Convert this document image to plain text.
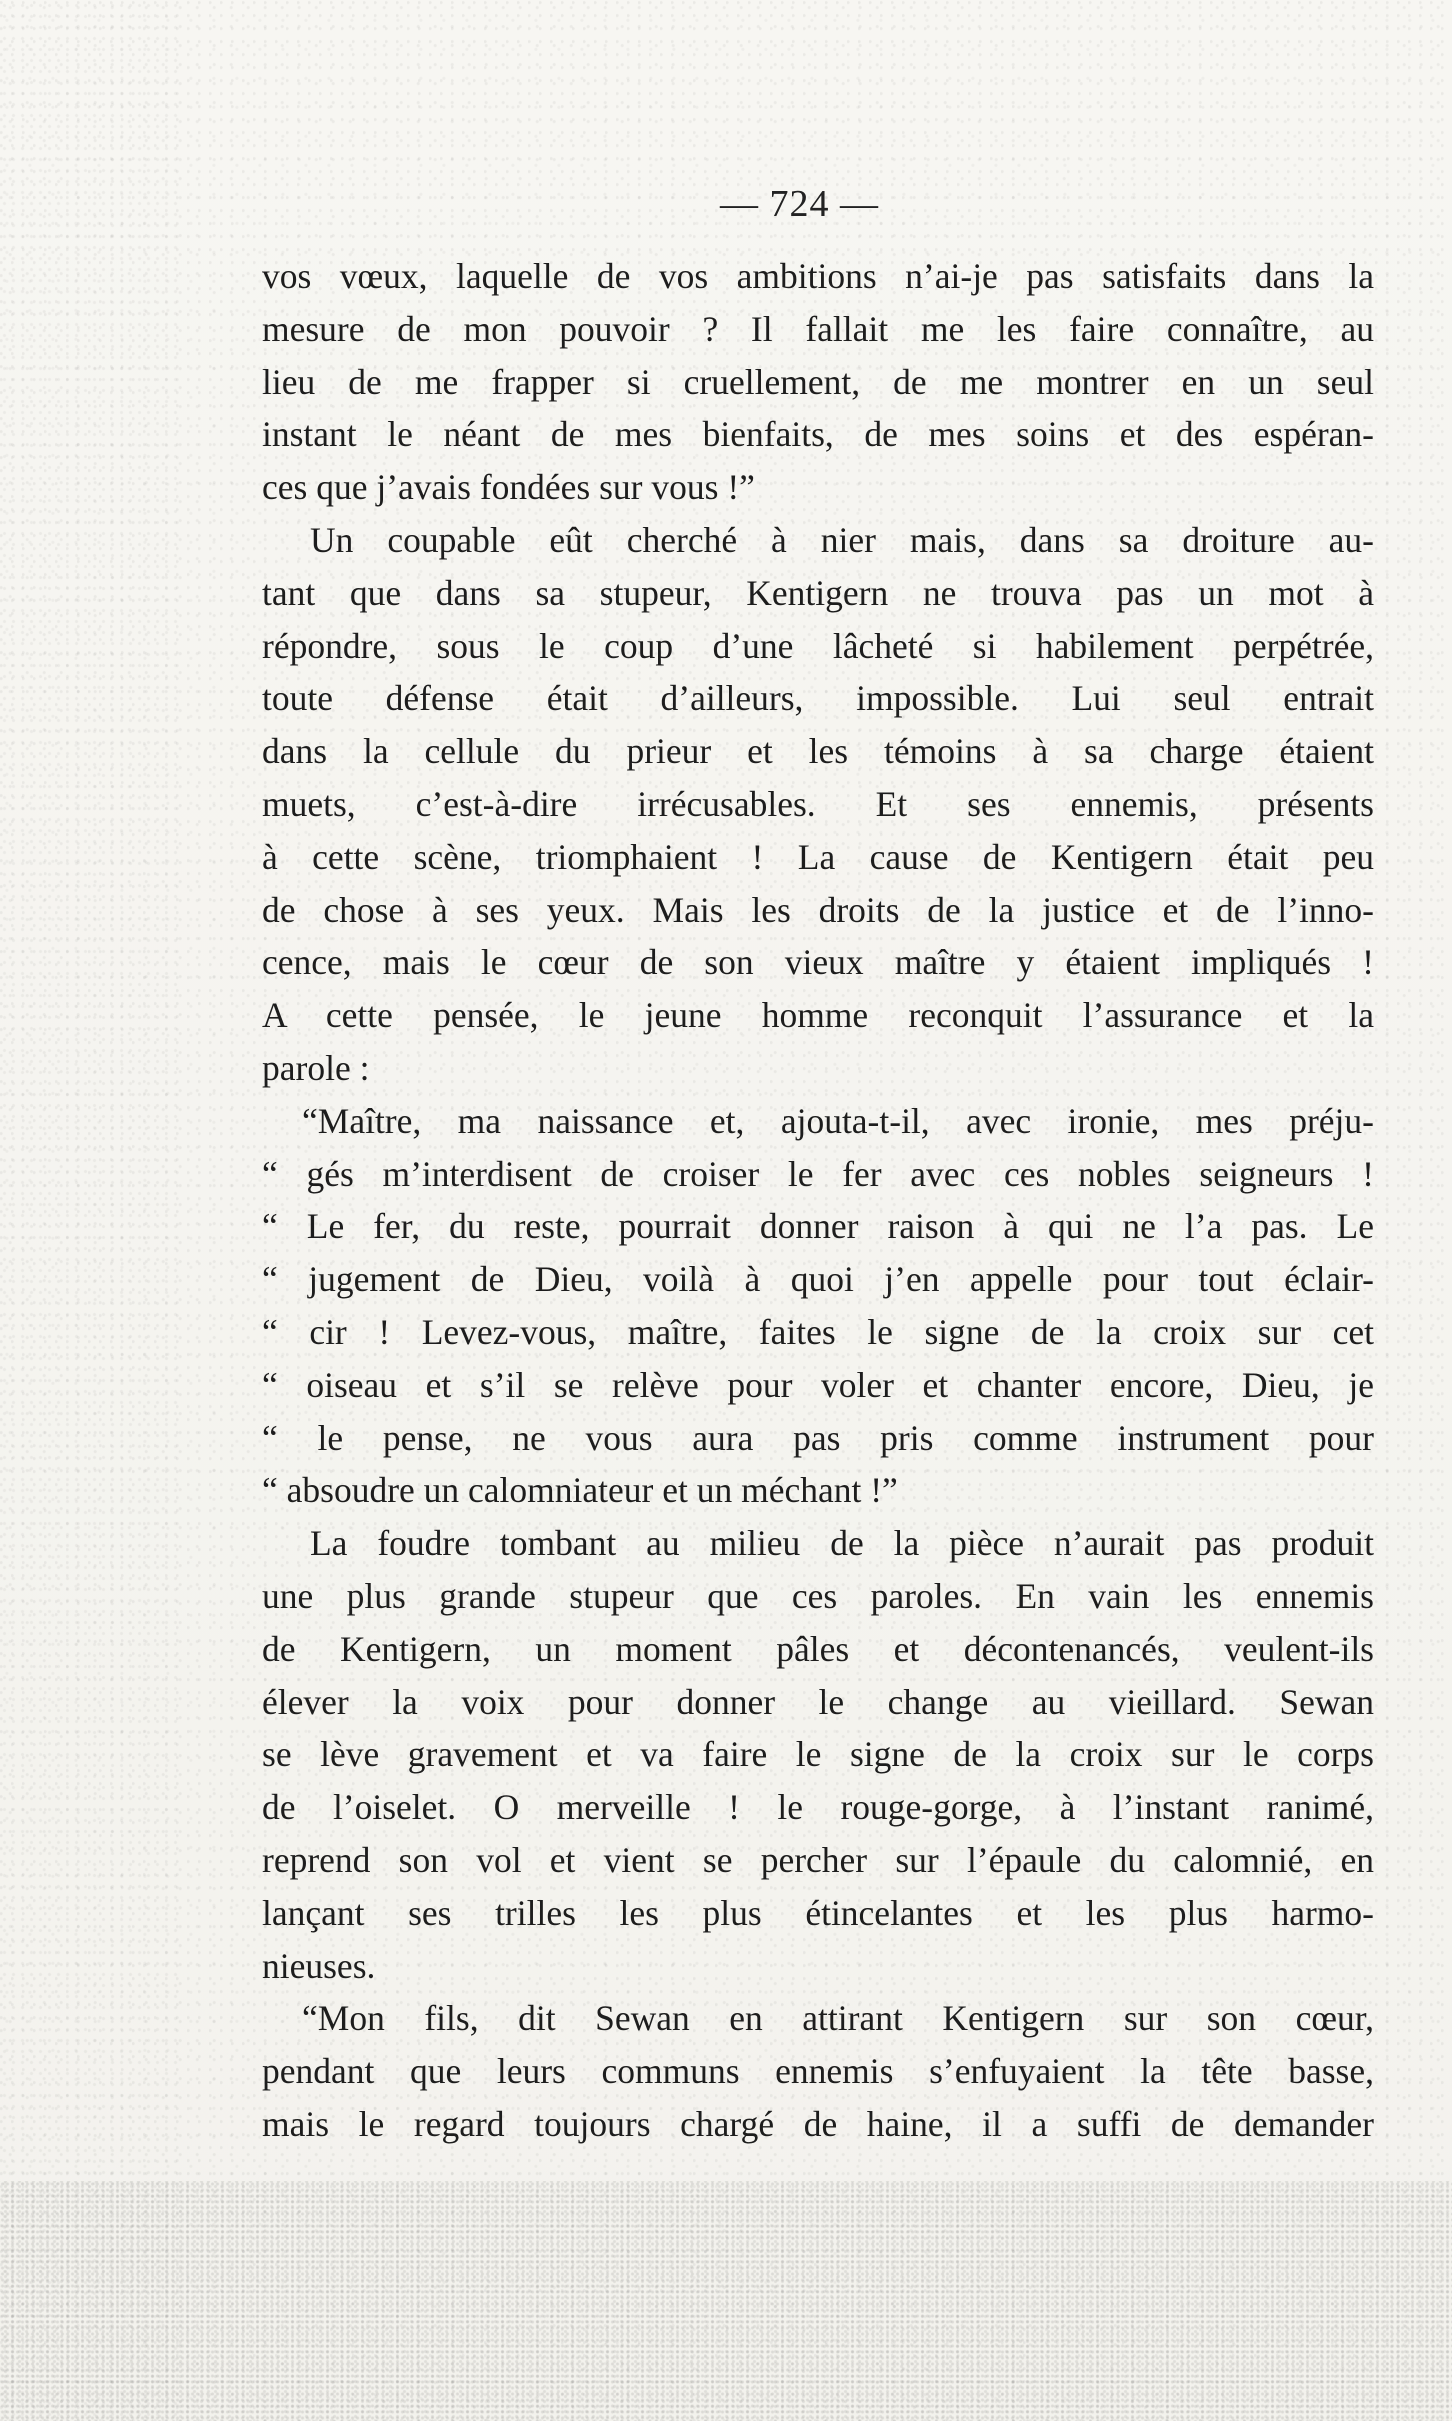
— 724 —
vos vœux, laquelle de vos ambitions n’ai-je pas satisfaits dans la
mesure de mon pouvoir ? Il fallait me les faire connaître, au
lieu de me frapper si cruellement, de me montrer en un seul
instant le néant de mes bienfaits, de mes soins et des espéran-
ces que j’avais fondées sur vous !”
Un coupable eût cherché à nier mais, dans sa droiture au-
tant que dans sa stupeur, Kentigern ne trouva pas un mot à
répondre, sous le coup d’une lâcheté si habilement perpétrée,
toute défense était d’ailleurs, impossible. Lui seul entrait
dans la cellule du prieur et les témoins à sa charge étaient
muets, c’est-à-dire irrécusables. Et ses ennemis, présents
à cette scène, triomphaient ! La cause de Kentigern était peu
de chose à ses yeux. Mais les droits de la justice et de l’inno-
cence, mais le cœur de son vieux maître y étaient impliqués !
A cette pensée, le jeune homme reconquit l’assurance et la
parole :
“Maître, ma naissance et, ajouta-t-il, avec ironie, mes préju-
“ gés m’interdisent de croiser le fer avec ces nobles seigneurs !
“ Le fer, du reste, pourrait donner raison à qui ne l’a pas. Le
“ jugement de Dieu, voilà à quoi j’en appelle pour tout éclair-
“ cir ! Levez-vous, maître, faites le signe de la croix sur cet
“ oiseau et s’il se relève pour voler et chanter encore, Dieu, je
“ le pense, ne vous aura pas pris comme instrument pour
“ absoudre un calomniateur et un méchant !”
La foudre tombant au milieu de la pièce n’aurait pas produit
une plus grande stupeur que ces paroles. En vain les ennemis
de Kentigern, un moment pâles et décontenancés, veulent-ils
élever la voix pour donner le change au vieillard. Sewan
se lève gravement et va faire le signe de la croix sur le corps
de l’oiselet. O merveille ! le rouge-gorge, à l’instant ranimé,
reprend son vol et vient se percher sur l’épaule du calomnié, en
lançant ses trilles les plus étincelantes et les plus harmo-
nieuses.
“Mon fils, dit Sewan en attirant Kentigern sur son cœur,
pendant que leurs communs ennemis s’enfuyaient la tête basse,
mais le regard toujours chargé de haine, il a suffi de demander
